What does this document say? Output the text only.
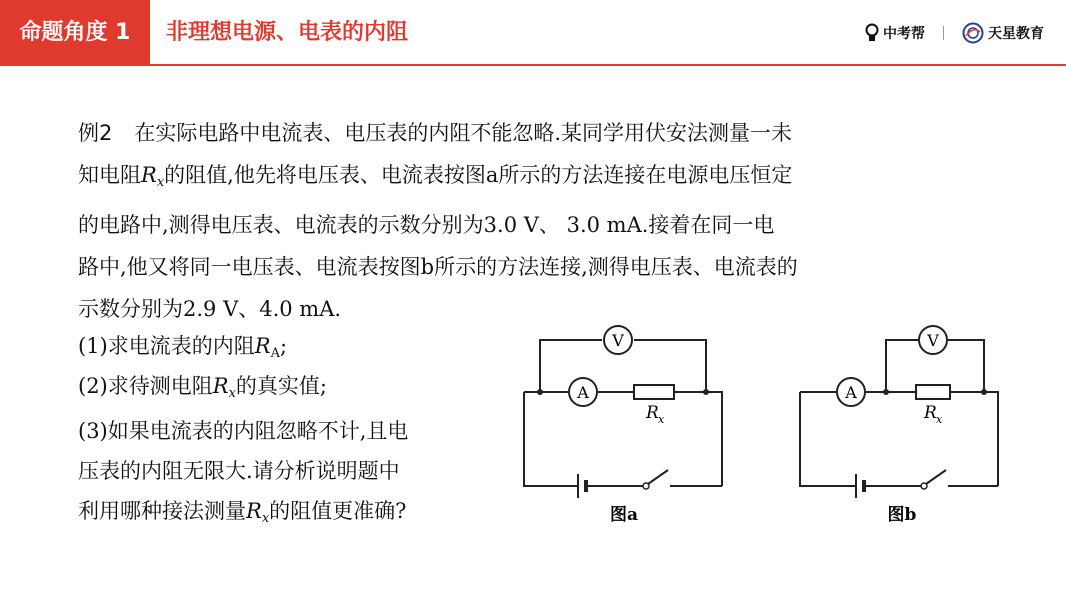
命题角度 1	非理想电源、电表的内阻	中考帮	天星教育

例2 在实际电路中电流表、电压表的内阻不能忽略.某同学用伏安法测量一未

知电阻$R_x$的阻值,他先将电压表、电流表按图a所示的方法连接在电源电压恒定

的电路中,测得电压表、电流表的示数分别为3.0 V、 3.0 mA.接着在同一电

路中,他又将同一电压表、电流表按图b所示的方法连接,测得电压表、电流表的

示数分别为2.9 V、4.0 mA.

(1)求电流表的内阻$R_A$;
(2)求待测电阻$R_x$的真实值;
(3)如果电流表的内阻忽略不计,且电
压表的内阻无限大.请分析说明题中
利用哪种接法测量$R_x$的阻值更准确?
V
A
R x
图a
V
A
R x
图b
